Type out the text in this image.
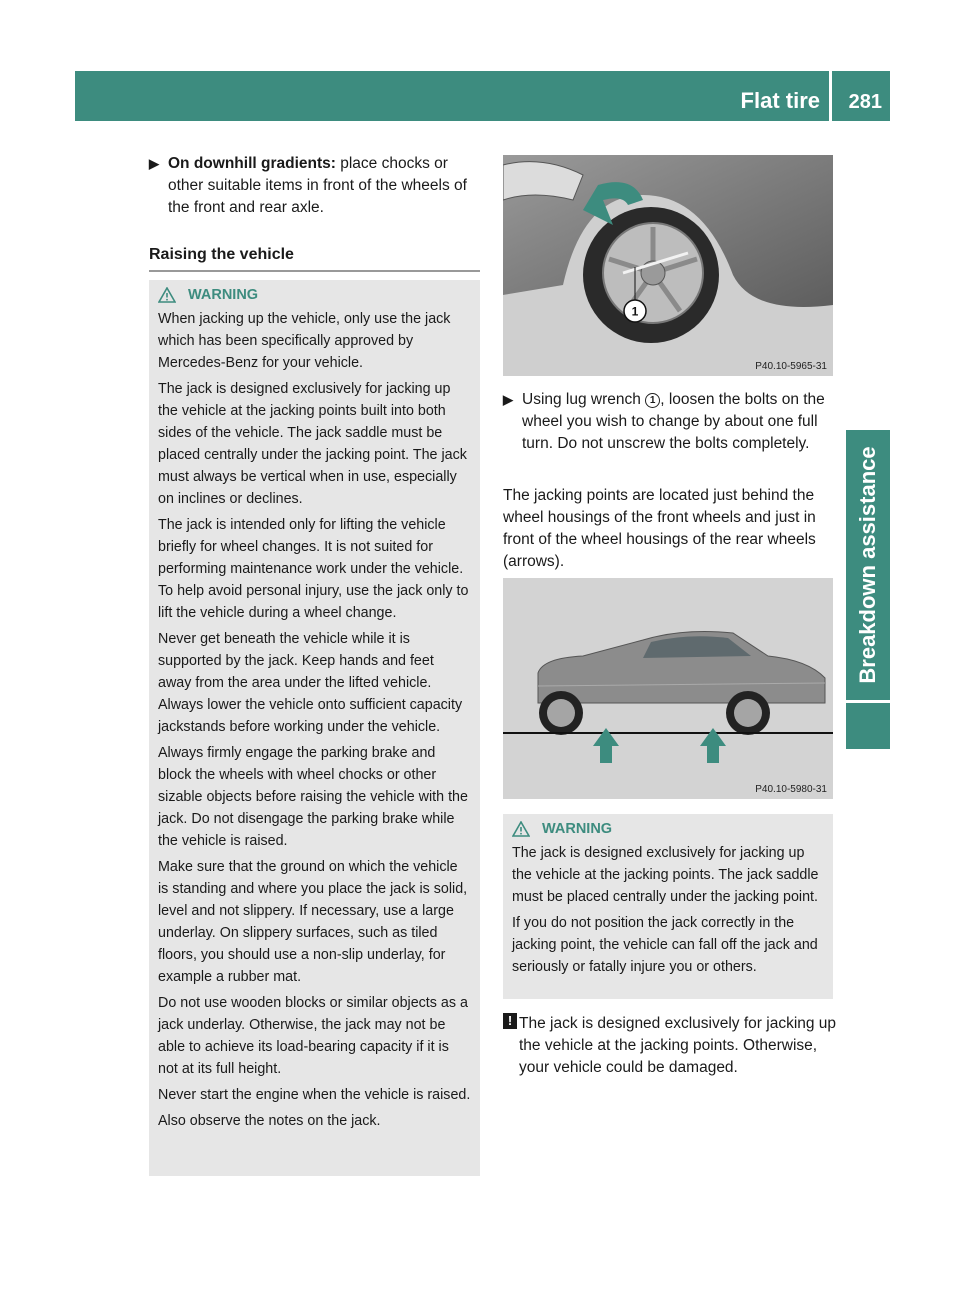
Flat tire 281
Breakdown assistance
▶ On downhill gradients: place chocks or other suitable items in front of the wheels of the front and rear axle.
Raising the vehicle
WARNING

When jacking up the vehicle, only use the jack which has been specifically approved by Mercedes-Benz for your vehicle.

The jack is designed exclusively for jacking up the vehicle at the jacking points built into both sides of the vehicle. The jack saddle must be placed centrally under the jacking point. The jack must always be vertical when in use, especially on inclines or declines.

The jack is intended only for lifting the vehicle briefly for wheel changes. It is not suited for performing maintenance work under the vehicle. To help avoid personal injury, use the jack only to lift the vehicle during a wheel change.

Never get beneath the vehicle while it is supported by the jack. Keep hands and feet away from the area under the lifted vehicle. Always lower the vehicle onto sufficient capacity jackstands before working under the vehicle.

Always firmly engage the parking brake and block the wheels with wheel chocks or other sizable objects before raising the vehicle with the jack. Do not disengage the parking brake while the vehicle is raised.

Make sure that the ground on which the vehicle is standing and where you place the jack is solid, level and not slippery. If necessary, use a large underlay. On slippery surfaces, such as tiled floors, you should use a non-slip underlay, for example a rubber mat.

Do not use wooden blocks or similar objects as a jack underlay. Otherwise, the jack may not be able to achieve its load-bearing capacity if it is not at its full height.

Never start the engine when the vehicle is raised.

Also observe the notes on the jack.

1
P40.10-5965-31
▶ Using lug wrench 1 , loosen the bolts on the wheel you wish to change by about one full turn. Do not unscrew the bolts completely.
The jacking points are located just behind the wheel housings of the front wheels and just in front of the wheel housings of the rear wheels (arrows).
P40.10-5980-31
WARNING

The jack is designed exclusively for jacking up the vehicle at the jacking points. The jack saddle must be placed centrally under the jacking point.

If you do not position the jack correctly in the jacking point, the vehicle can fall off the jack and seriously or fatally injure you or others.

! The jack is designed exclusively for jacking up the vehicle at the jacking points. Otherwise, your vehicle could be damaged.
